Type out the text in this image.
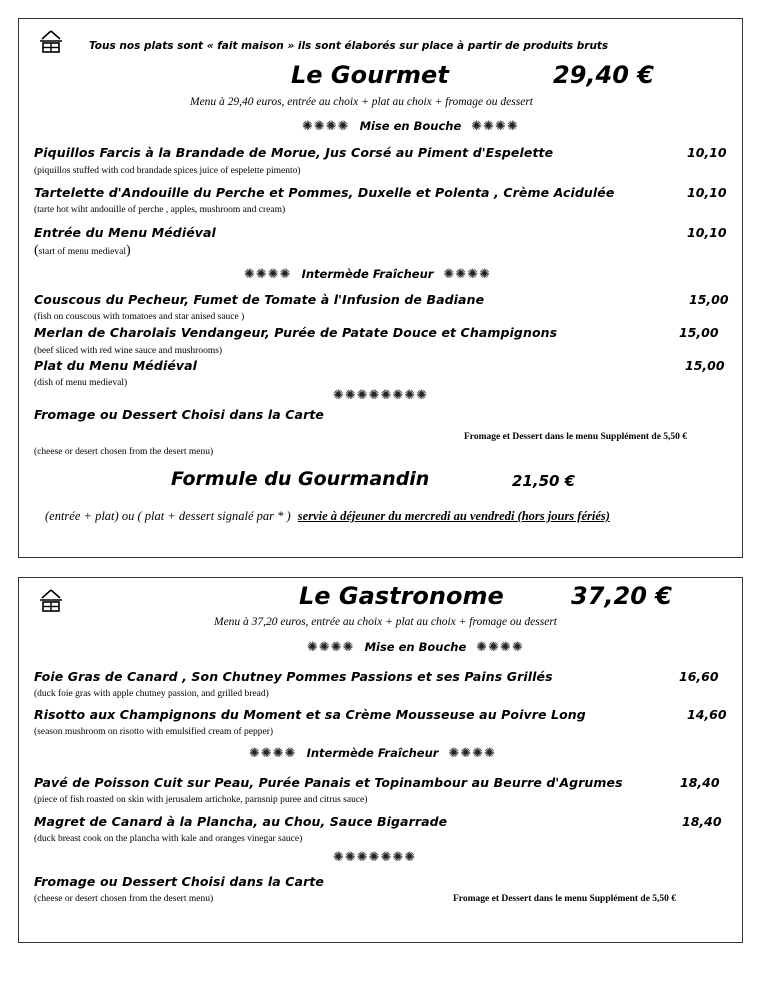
Tous nos plats sont « fait maison » ils sont élaborés sur place à partir de produits bruts
Le Gourmet	29,40 €
Menu à 29,40 euros, entrée au choix + plat au choix + fromage ou dessert
✺✺✺✺ Mise en Bouche ✺✺✺✺
Piquillos Farcis à la Brandade de Morue, Jus Corsé au Piment d'Espelette	10,10
(piquillos stuffed with cod brandade spices juice of espelette pimento)
Tartelette d'Andouille du Perche et Pommes, Duxelle et Polenta , Crème Acidulée	10,10
(tarte hot wiht andouille of perche , apples, mushroom and cream)
Entrée du Menu Médiéval	10,10
(start of menu medieval)
✺✺✺✺ Intermède Fraîcheur ✺✺✺✺
Couscous du Pecheur, Fumet de Tomate à l'Infusion de Badiane	15,00
(fish on couscous with tomatoes and star anised sauce )
Merlan de Charolais Vendangeur, Purée de Patate Douce et Champignons	15,00
(beef sliced with red wine sauce and mushrooms)
Plat du Menu Médiéval	15,00
(dish of menu medieval)
✺✺✺✺✺✺✺✺
Fromage ou Dessert Choisi dans la Carte
Fromage et Dessert dans le menu Supplément de 5,50 €
(cheese or desert chosen from the desert menu)
Formule du Gourmandin	21,50 €
(entrée + plat) ou ( plat + dessert signalé par * ) servie à déjeuner du mercredi au vendredi (hors jours fériés)
Le Gastronome	37,20 €
Menu à 37,20 euros, entrée au choix + plat au choix + fromage ou dessert
✺✺✺✺ Mise en Bouche ✺✺✺✺
Foie Gras de Canard , Son Chutney Pommes Passions et ses Pains Grillés	16,60
(duck foie gras with apple chutney passion, and grilled bread)
Risotto aux Champignons du Moment et sa Crème Mousseuse au Poivre Long	14,60
(season mushroom on risotto with emulsified cream of pepper)
✺✺✺✺ Intermède Fraîcheur ✺✺✺✺
Pavé de Poisson Cuit sur Peau, Purée Panais et Topinambour au Beurre d'Agrumes	18,40
(piece of fish roasted on skin with jerusalem artichoke, parnsnip puree and citrus sauce)
Magret de Canard à la Plancha, au Chou, Sauce Bigarrade	18,40
(duck breast cook on the plancha with kale and oranges vinegar sauce)
✺✺✺✺✺✺✺
Fromage ou Dessert Choisi dans la Carte
(cheese or desert chosen from the desert menu)	Fromage et Dessert dans le menu Supplément de 5,50 €
